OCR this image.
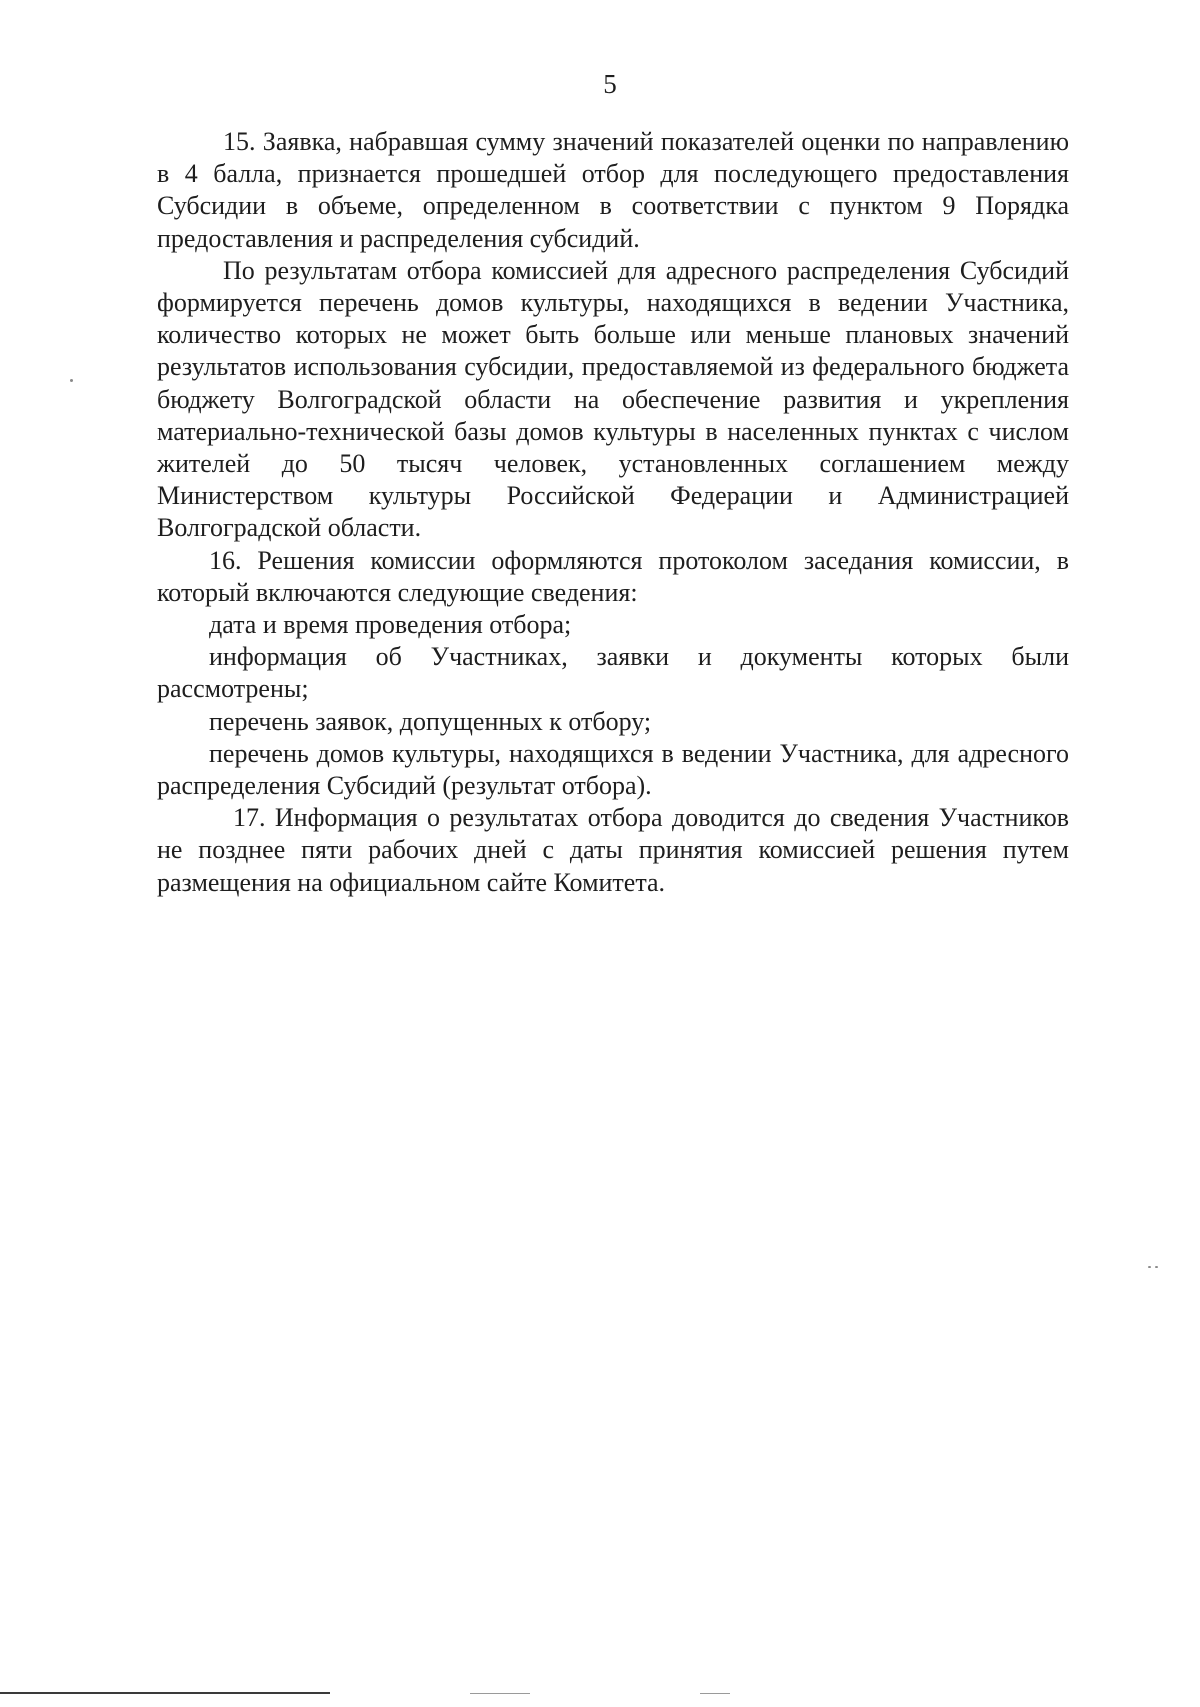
5

15. Заявка, набравшая сумму значений показателей оценки по направлению в 4 балла, признается прошедшей отбор для последующего предоставления Субсидии в объеме, определенном в соответствии с пунктом 9 Порядка предоставления и распределения субсидий.

По результатам отбора комиссией для адресного распределения Субсидий формируется перечень домов культуры, находящихся в ведении Участника, количество которых не может быть больше или меньше плановых значений результатов использования субсидии, предоставляемой из федерального бюджета бюджету Волгоградской области на обеспечение развития и укрепления материально-технической базы домов культуры в населенных пунктах с числом жителей до 50 тысяч человек, установленных соглашением между Министерством культуры Российской Федерации и Администрацией Волгоградской области.

16. Решения комиссии оформляются протоколом заседания комиссии, в который включаются следующие сведения:

дата и время проведения отбора;

информация об Участниках, заявки и документы которых были рассмотрены;

перечень заявок, допущенных к отбору;

перечень домов культуры, находящихся в ведении Участника, для адресного распределения Субсидий (результат отбора).

17. Информация о результатах отбора доводится до сведения Участников не позднее пяти рабочих дней с даты принятия комиссией решения путем размещения на официальном сайте Комитета.
